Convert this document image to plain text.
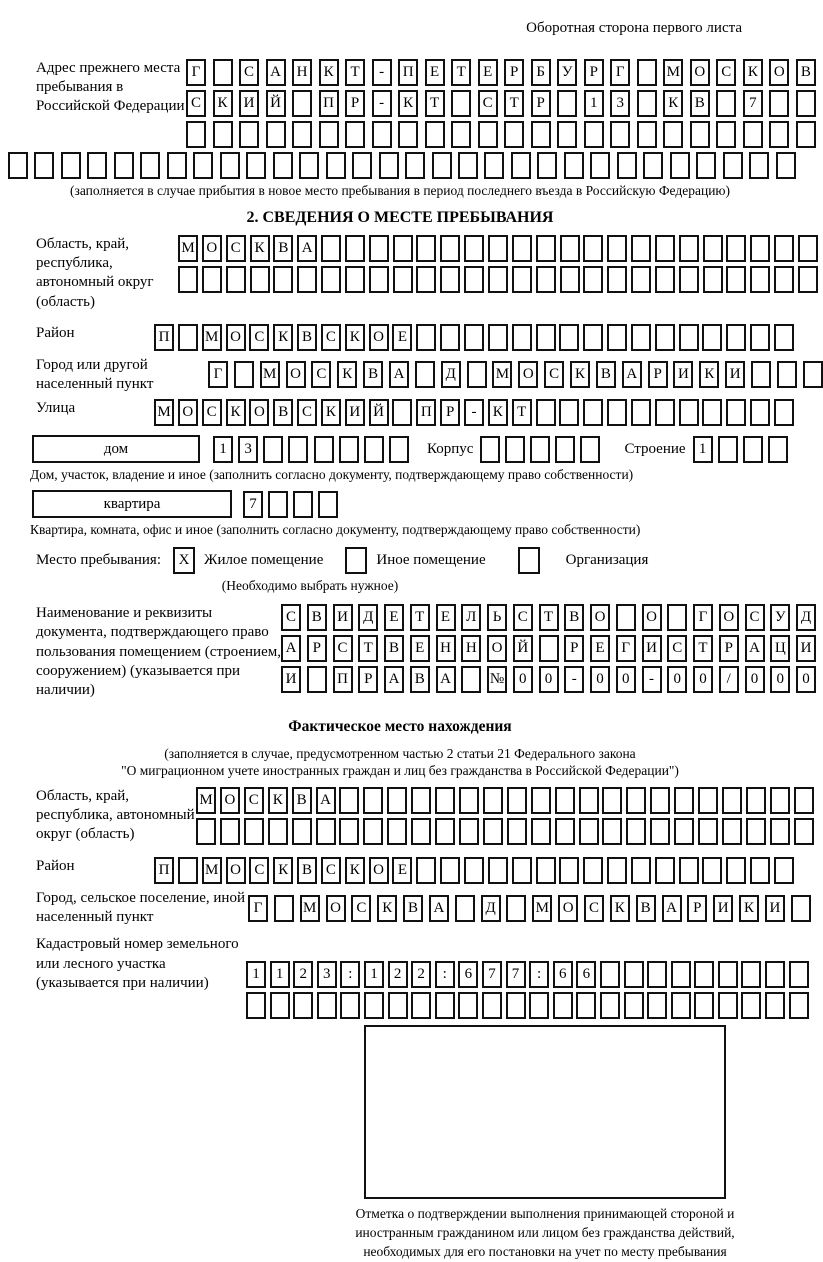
Оборотная сторона первого листа
Адрес прежнего места пребывания в Российской Федерации
Г	С	А	Н	К	Т	-	П	Е	Т	Е	Р	Б	У	Р	Г	М О	С	К	О	В
С	К	И	Й	П	Р	-	К	Т	С	Т	Р	1	3	К	В	7
(заполняется в случае прибытия в новое место пребывания в период последнего въезда в Российскую Федерацию)
2. СВЕДЕНИЯ О МЕСТЕ ПРЕБЫВАНИЯ
Область, край, республика, автономный округ (область)
М О С К В А
Район	П	М О С К В С К О Е
Город или другой населенный пункт
Г	М О	С	К	В	А	Д	М О	С	К	В	А	Р	И	К	И
Улица	М О С К О В С К И Й	П Р	-	К Т
дом	1	3	Корпус	Строение 1
Дом, участок, владение и иное (заполнить согласно документу, подтверждающему право собственности)
квартира	7
Квартира, комната, офис и иное (заполнить согласно документу, подтверждающему право собственности)
Место пребывания:	X Жилое помещение	Иное помещение	Организация
(Необходимо выбрать нужное)
Наименование и реквизиты документа, подтверждающего право пользования помещением (строением, сооружением) (указывается при наличии)
С	В	И	Д	Е	Т	Е	Л	Ь	С	Т	В	О	О	Г	О	С	У	Д
А	Р	С	Т	В	Е	Н Н О Й	Р	Е	Г	И	С	Т	Р	А Ц И
И	П	Р	А	В	А	№ 0	0	-	0	0	-	0	0	/	0	0	0
Фактическое место нахождения
(заполняется в случае, предусмотренном частью 2 статьи 21 Федерального закона
"О миграционном учете иностранных граждан и лиц без гражданства в Российской Федерации")
Область, край, республика, автономный округ (область)
М О С К В А
Район	П	М О С К В С К О Е
Город, сельское поселение, иной населенный пункт
Г	М О	С	К	В	А	Д	М О	С	К	В	А	Р	И	К	И
Кадастровый номер земельного или лесного участка (указывается при наличии)
1	1	2	3	:	1	2	2	:	6	7	7	:	6	6
Отметка о подтверждении выполнения принимающей стороной и иностранным гражданином или лицом без гражданства действий, необходимых для его постановки на учет по месту пребывания
